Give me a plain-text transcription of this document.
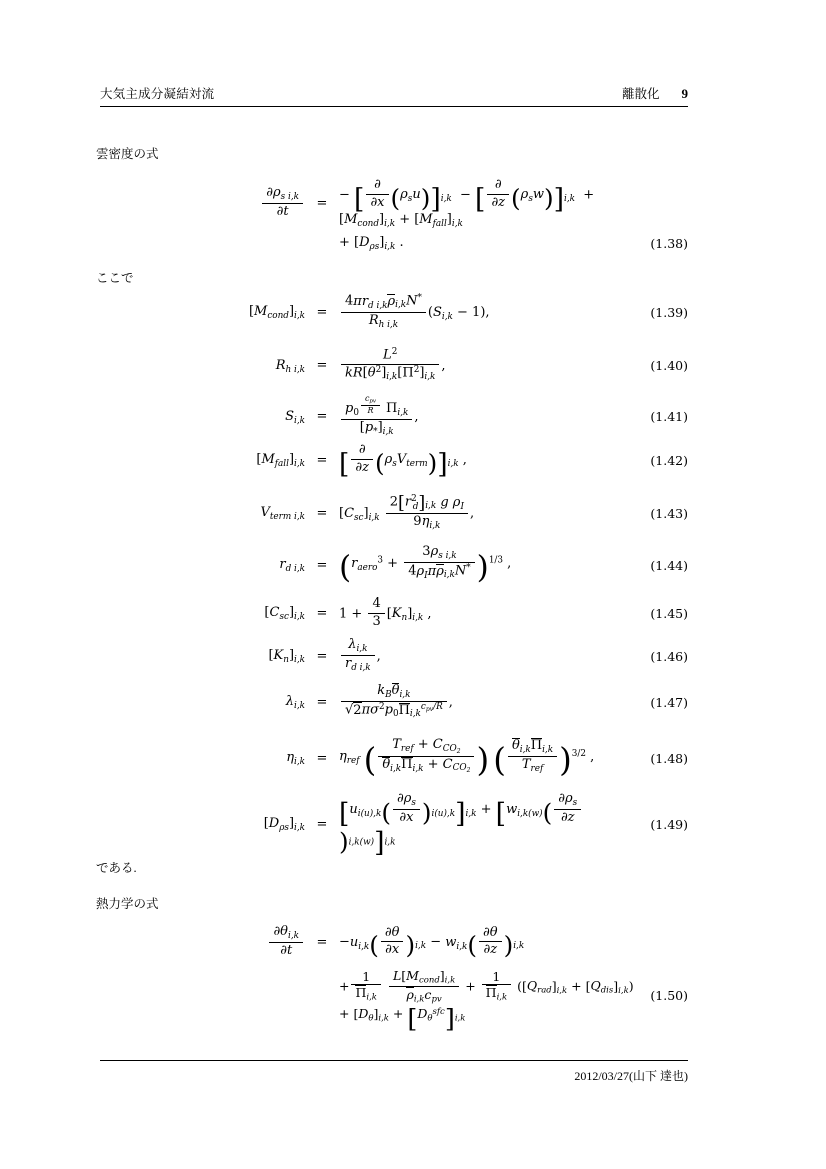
大気主成分凝結対流	離散化 9
雲密度の式
$\frac{\partial\rho_{s i,k}}{\partial t}$	=
− [ $\frac{\partial}{\partial x} (\rho_su)]_{i,k}$  − [ $\frac{\partial}{\partial z} (\rho_sw)]_{i,k} + [M_{cond}]_{i,k} + [M_{fall}]_{i,k}$
+ $[D_{\rho s}]_{i,k}$ .	(1.38)
ここで
$[M_{cond}]_{i,k}$ =	$\frac{4\pi r_{d i,k}\rho_{i,k}N^*}{R_{h i,k}} (S_{i,k} - 1)$,	(1.39)
$R_{h i,k}$ =	$\frac{L^2}{kR[\theta^2]_{i,k}[\Pi^2]_{i,k}}$ ,	(1.40)
$S_{i,k}$ =	$p_0$ $^{\frac{c_{pv}}{R}}$ $\Pi_{i,k}$
$[p_*]_{i,k}$ ,	(1.41)
$[M_{fall}]_{i,k}$ = [ $\frac{\partial}{\partial z} (\rho_sV_{term})]_{i,k}$ ,	(1.42)
$V_{term i,k} = [C_{sc}]_{i,k} \frac{2[r^2_d]_{i,k} g \rho_I}{9\eta_{i,k}}$ ,	(1.43)
$r_{d i,k} = (r_{aero}^3 + \frac{3\rho_{s i,k}}{4\rho_I\pi\rho_{i,k}N^*} )^{1/3}$ ,	(1.44)
$[C_{sc}]_{i,k} = 1 + \frac{4}{3} [K_n]_{i,k}$ ,	(1.45)
$[K_n]_{i,k}$ =	$\frac{\lambda_{i,k}}{r_{d i,k}}$ ,	(1.46)
$\lambda_{i,k}$ =	$\frac{k_B\theta_{i,k}}{√2\pi\sigma^2p_0\Pi_{i,k}^{c_{pv}/R}}$ ,	(1.47)
$\eta_{i,k} = \eta_{ref}$ ( $\frac{T_{ref} + C_{CO_2}}{\theta_{i,k}\Pi_{i,k} + C_{CO_2}}$ ) ( $\frac{\theta_{i,k}\Pi_{i,k}}{T_{ref}} )^{3/2}$ ,	(1.48)
$[D_{\rho s}]_{i,k} = [u_{i(u),k}( \frac{\partial\rho_s}{\partial x} )_{i(u),k}]_{i,k} + [w_{i,k(w)}( \frac{\partial\rho_s}{\partial z}$
)$_{i,k(w)}]_{i,k}$
(1.49)
である.
熱力学の式
$\frac{\partial\theta_{i,k}}{\partial t}$	= $-u_{i,k}( \frac{\partial\theta}{\partial x} )_{i,k} - w_{i,k}( \frac{\partial\theta}{\partial z} )_{i,k}$
+ $\frac{1}{\Pi_{i,k}}$
$\frac{L[M_{cond}]_{i,k}}{\rho_{i,k}c_{pv}} + \frac{1}{\Pi_{i,k}} ([Q_{rad}]_{i,k} + [Q_{dis}]_{i,k}) + [D_\theta]_{i,k} + [D_\theta^{sfc}]_{i,k}$
(1.50)
2012/03/27(山下 達也)
